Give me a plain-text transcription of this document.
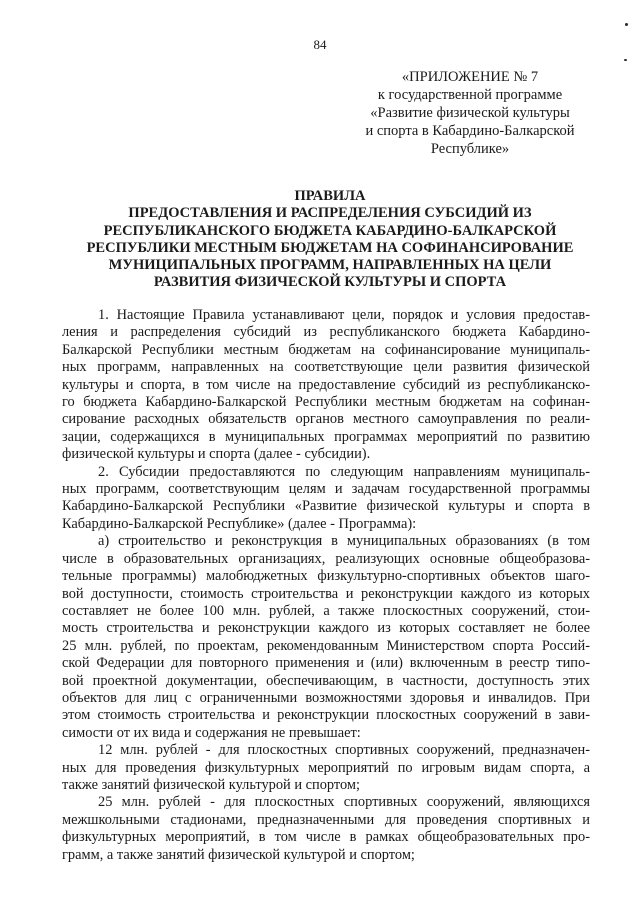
84
«ПРИЛОЖЕНИЕ № 7
к государственной программе
«Развитие физической культуры
и спорта в Кабардино-Балкарской
Республике»
ПРАВИЛА
ПРЕДОСТАВЛЕНИЯ И РАСПРЕДЕЛЕНИЯ СУБСИДИЙ ИЗ
РЕСПУБЛИКАНСКОГО БЮДЖЕТА КАБАРДИНО-БАЛКАРСКОЙ
РЕСПУБЛИКИ МЕСТНЫМ БЮДЖЕТАМ НА СОФИНАНСИРОВАНИЕ
МУНИЦИПАЛЬНЫХ ПРОГРАММ, НАПРАВЛЕННЫХ НА ЦЕЛИ
РАЗВИТИЯ ФИЗИЧЕСКОЙ КУЛЬТУРЫ И СПОРТА
1. Настоящие Правила устанавливают цели, порядок и условия предостав-
ления и распределения субсидий из республиканского бюджета Кабардино-
Балкарской Республики местным бюджетам на софинансирование муниципаль-
ных программ, направленных на соответствующие цели развития физической
культуры и спорта, в том числе на предоставление субсидий из республиканско-
го бюджета Кабардино-Балкарской Республики местным бюджетам на софинан-
сирование расходных обязательств органов местного самоуправления по реали-
зации, содержащихся в муниципальных программах мероприятий по развитию
физической культуры и спорта (далее - субсидии).
2. Субсидии предоставляются по следующим направлениям муниципаль-
ных программ, соответствующим целям и задачам государственной программы
Кабардино-Балкарской Республики «Развитие физической культуры и спорта в
Кабардино-Балкарской Республике» (далее - Программа):
а) строительство и реконструкция в муниципальных образованиях (в том
числе в образовательных организациях, реализующих основные общеобразова-
тельные программы) малобюджетных физкультурно-спортивных объектов шаго-
вой доступности, стоимость строительства и реконструкции каждого из которых
составляет не более 100 млн. рублей, а также плоскостных сооружений, стои-
мость строительства и реконструкции каждого из которых составляет не более
25 млн. рублей, по проектам, рекомендованным Министерством спорта Россий-
ской Федерации для повторного применения и (или) включенным в реестр типо-
вой проектной документации, обеспечивающим, в частности, доступность этих
объектов для лиц с ограниченными возможностями здоровья и инвалидов. При
этом стоимость строительства и реконструкции плоскостных сооружений в зави-
симости от их вида и содержания не превышает:
12 млн. рублей - для плоскостных спортивных сооружений, предназначен-
ных для проведения физкультурных мероприятий по игровым видам спорта, а
также занятий физической культурой и спортом;
25 млн. рублей - для плоскостных спортивных сооружений, являющихся
межшкольными стадионами, предназначенными для проведения спортивных и
физкультурных мероприятий, в том числе в рамках общеобразовательных про-
грамм, а также занятий физической культурой и спортом;
